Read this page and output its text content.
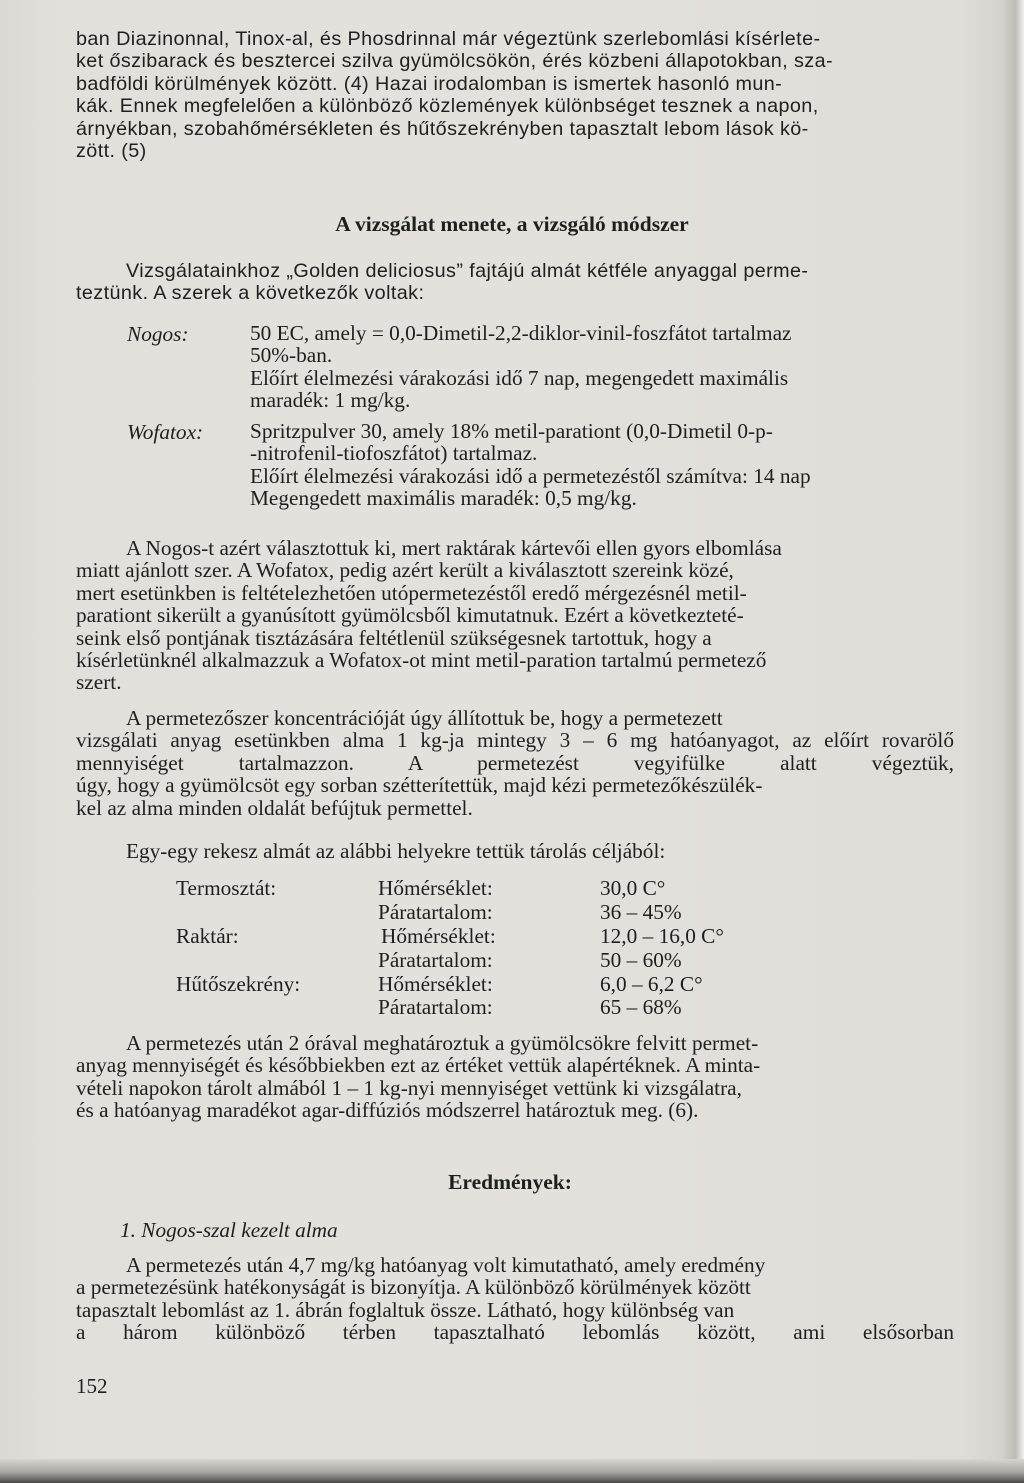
ban Diazinonnal, Tinox-al, és Phosdrinnal már végeztünk szerlebomlási kísérlete-

ket őszibarack és besztercei szilva gyümölcsökön, érés közbeni állapotokban, sza-

badföldi körülmények között. (4) Hazai irodalomban is ismertek hasonló mun-

kák. Ennek megfelelően a különböző közlemények különbséget tesznek a napon,

árnyékban, szobahőmérsékleten és hűtőszekrényben tapasztalt lebom lások kö-

zött. (5)

A vizsgálat menete, a vizsgáló módszer

Vizsgálatainkhoz „Golden deliciosus” fajtájú almát kétféle anyaggal perme-

teztünk. A szerek a következők voltak:

Nogos:	50 EC, amely = 0,0-Dimetil-2,2-diklor-vinil-foszfátot tartalmaz

50%-ban.

Előírt élelmezési várakozási idő 7 nap, megengedett maximális

maradék: 1 mg/kg.

Wofatox: Spritzpulver 30, amely 18% metil-parationt (0,0-Dimetil 0-p-

-nitrofenil-tiofoszfátot) tartalmaz.

Előírt élelmezési várakozási idő a permetezéstől számítva: 14 nap

Megengedett maximális maradék: 0,5 mg/kg.

A Nogos-t azért választottuk ki, mert raktárak kártevői ellen gyors elbomlása

miatt ajánlott szer. A Wofatox, pedig azért került a kiválasztott szereink közé,

mert esetünkben is feltételezhetően utópermetezéstől eredő mérgezésnél metil-

parationt sikerült a gyanúsított gyümölcsből kimutatnuk. Ezért a következteté-

seink első pontjának tisztázására feltétlenül szükségesnek tartottuk, hogy a

kísérletünknél alkalmazzuk a Wofatox-ot mint metil-paration tartalmú permetező

szert.

A permetezőszer koncentrációját úgy állítottuk be, hogy a permetezett

vizsgálati anyag esetünkben alma 1 kg-ja mintegy 3 – 6 mg hatóanyagot, az előírt rovarölő mennyiséget tartalmazzon. A permetezést vegyifülke alatt végeztük,

úgy, hogy a gyümölcsöt egy sorban szétterítettük, majd kézi permetezőkészülék-

kel az alma minden oldalát befújtuk permettel.

Egy-egy rekesz almát az alábbi helyekre tettük tárolás céljából:

Termosztát:	Hőmérséklet:	30,0 C°
Páratartalom:	36 – 45%
Raktár:	Hőmérséklet:	12,0 – 16,0 C°
Páratartalom:	50 – 60%
Hűtőszekrény:	Hőmérséklet:	6,0 – 6,2 C°
Páratartalom:	65 – 68%

A permetezés után 2 órával meghatároztuk a gyümölcsökre felvitt permet-

anyag mennyiségét és későbbiekben ezt az értéket vettük alapértéknek. A minta-

vételi napokon tárolt almából 1 – 1 kg-nyi mennyiséget vettünk ki vizsgálatra,

és a hatóanyag maradékot agar-diffúziós módszerrel határoztuk meg. (6).

Eredmények:
1. Nogos-szal kezelt alma

A permetezés után 4,7 mg/kg hatóanyag volt kimutatható, amely eredmény

a permetezésünk hatékonyságát is bizonyítja. A különböző körülmények között

tapasztalt lebomlást az 1. ábrán foglaltuk össze. Látható, hogy különbség van

a három különböző térben tapasztalható lebomlás között, ami elsősorban

152
